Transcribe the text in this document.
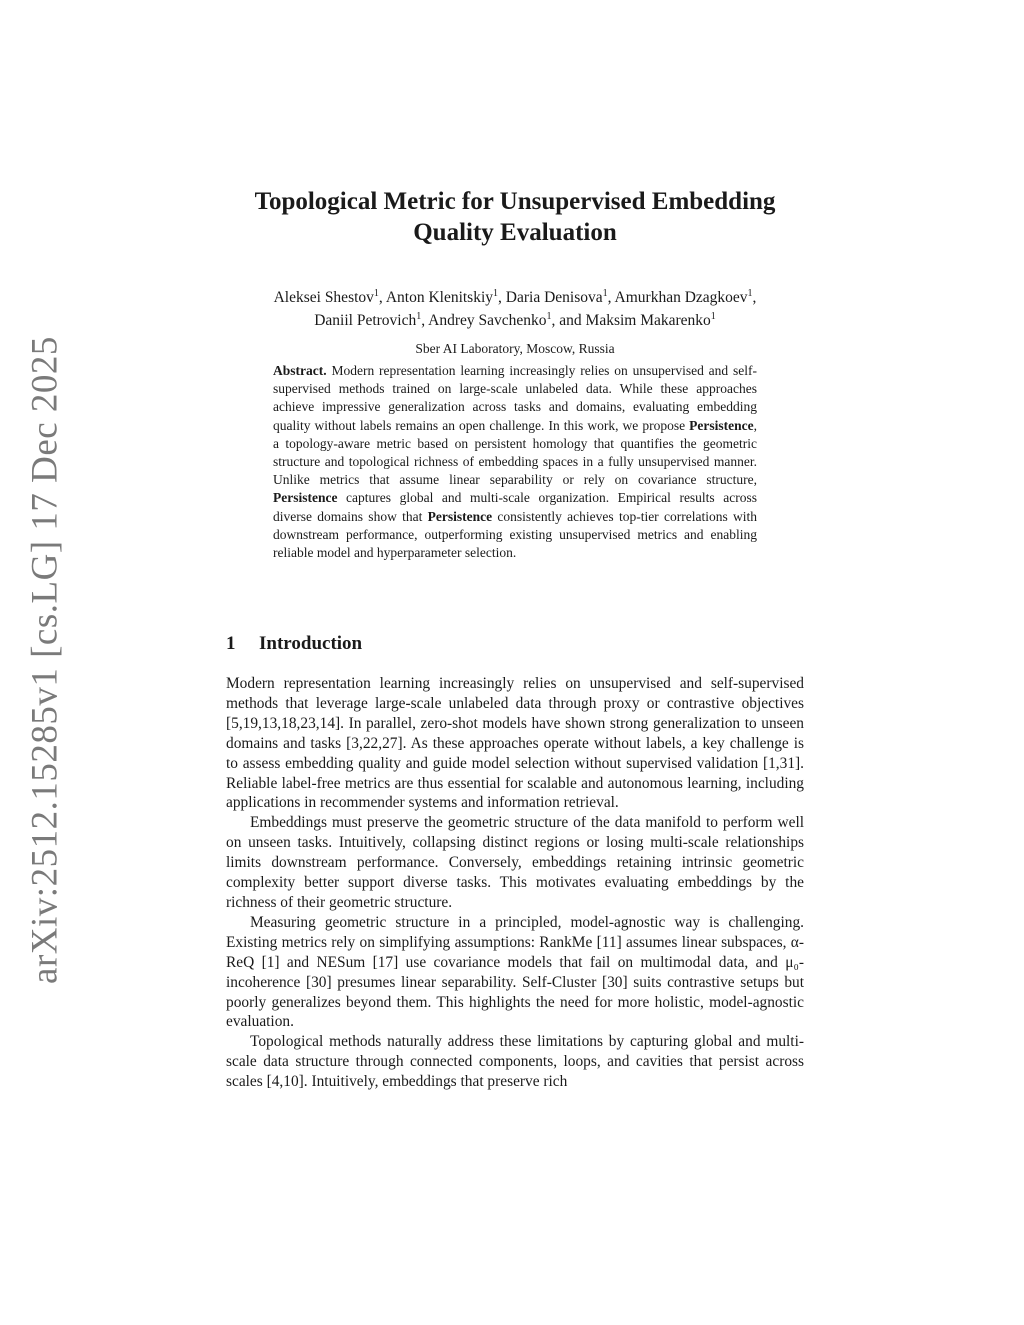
arXiv:2512.15285v1 [cs.LG] 17 Dec 2025
Topological Metric for Unsupervised Embedding
Quality Evaluation
Aleksei Shestov$^1$, Anton Klenitskiy$^1$, Daria Denisova$^1$, Amurkhan Dzagkoev$^1$,
Daniil Petrovich$^1$, Andrey Savchenko$^1$, and Maksim Makarenko$^1$
Sber AI Laboratory, Moscow, Russia

Abstract. Modern representation learning increasingly relies on unsupervised and self-supervised methods trained on large-scale unlabeled data. While these approaches achieve impressive generalization across tasks and domains, evaluating embedding quality without labels remains an open challenge. In this work, we propose Persistence, a topology-aware metric based on persistent homology that quantifies the geometric structure and topological richness of embedding spaces in a fully unsupervised manner. Unlike metrics that assume linear separability or rely on covariance structure, Persistence captures global and multi-scale organization. Empirical results across diverse domains show that Persistence consistently achieves top-tier correlations with downstream performance, outperforming existing unsupervised metrics and enabling reliable model and hyperparameter selection.

1 Introduction

Modern representation learning increasingly relies on unsupervised and self-supervised methods that leverage large-scale unlabeled data through proxy or contrastive objectives [5,19,13,18,23,14]. In parallel, zero-shot models have shown strong generalization to unseen domains and tasks [3,22,27]. As these approaches operate without labels, a key challenge is to assess embedding quality and guide model selection without supervised validation [1,31]. Reliable label-free metrics are thus essential for scalable and autonomous learning, including applications in recommender systems and information retrieval.

Embeddings must preserve the geometric structure of the data manifold to perform well on unseen tasks. Intuitively, collapsing distinct regions or losing multi-scale relationships limits downstream performance. Conversely, embeddings retaining intrinsic geometric complexity better support diverse tasks. This motivates evaluating embeddings by the richness of their geometric structure.

Measuring geometric structure in a principled, model-agnostic way is challenging. Existing metrics rely on simplifying assumptions: RankMe [11] assumes linear subspaces, α-ReQ [1] and NESum [17] use covariance models that fail on multimodal data, and μ₀-incoherence [30] presumes linear separability. Self-Cluster [30] suits contrastive setups but poorly generalizes beyond them. This highlights the need for more holistic, model-agnostic evaluation.

Topological methods naturally address these limitations by capturing global and multi-scale data structure through connected components, loops, and cavities that persist across scales [4,10]. Intuitively, embeddings that preserve rich
